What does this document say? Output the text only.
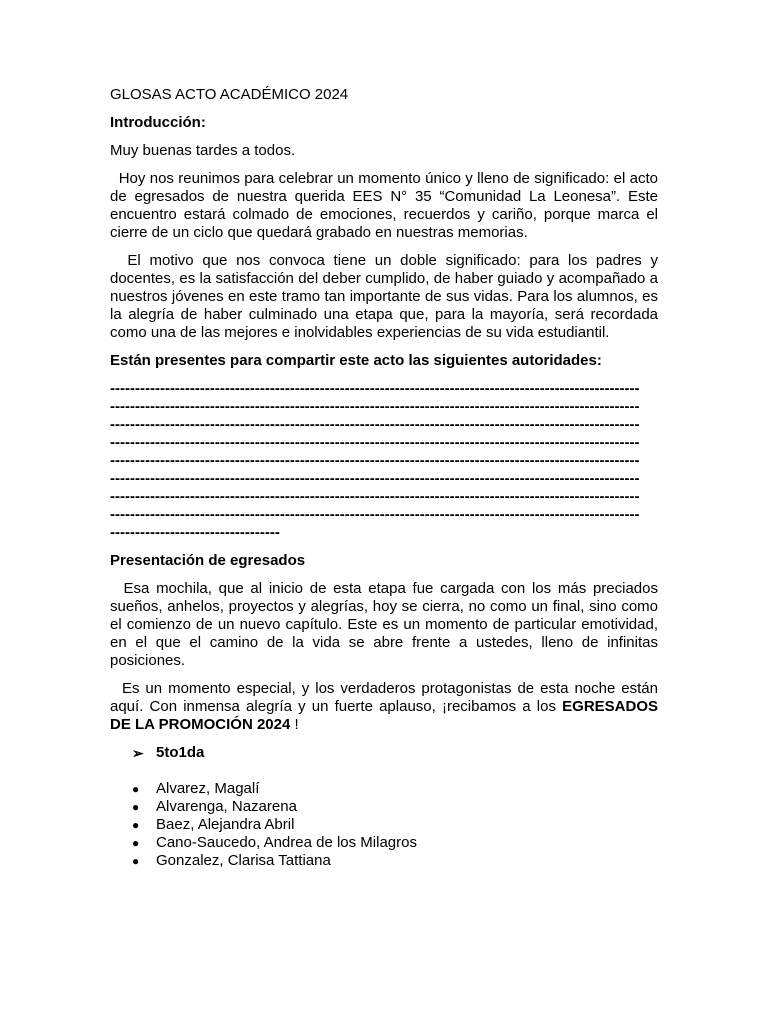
GLOSAS ACTO ACADÉMICO 2024

Introducción:

Muy buenas tardes a todos.

Hoy nos reunimos para celebrar un momento único y lleno de significado: el acto de egresados de nuestra querida EES N° 35 “Comunidad La Leonesa”. Este encuentro estará colmado de emociones, recuerdos y cariño, porque marca el cierre de un ciclo que quedará grabado en nuestras memorias.

El motivo que nos convoca tiene un doble significado: para los padres y docentes, es la satisfacción del deber cumplido, de haber guiado y acompañado a nuestros jóvenes en este tramo tan importante de sus vidas. Para los alumnos, es la alegría de haber culminado una etapa que, para la mayoría, será recordada como una de las mejores e inolvidables experiencias de su vida estudiantil.

Están presentes para compartir este acto las siguientes autoridades:

----------------------------------------------------------------------------------------------------------
----------------------------------------------------------------------------------------------------------
----------------------------------------------------------------------------------------------------------
----------------------------------------------------------------------------------------------------------
----------------------------------------------------------------------------------------------------------
----------------------------------------------------------------------------------------------------------
----------------------------------------------------------------------------------------------------------
----------------------------------------------------------------------------------------------------------
----------------------------------

Presentación de egresados

Esa mochila, que al inicio de esta etapa fue cargada con los más preciados sueños, anhelos, proyectos y alegrías, hoy se cierra, no como un final, sino como el comienzo de un nuevo capítulo. Este es un momento de particular emotividad, en el que el camino de la vida se abre frente a ustedes, lleno de infinitas posiciones.

Es un momento especial, y los verdaderos protagonistas de esta noche están aquí. Con inmensa alegría y un fuerte aplauso, ¡recibamos a los EGRESADOS DE LA PROMOCIÓN 2024 !

➢ 5to1da
●	Alvarez, Magalí
●	Alvarenga, Nazarena
●	Baez, Alejandra Abril
●	Cano-Saucedo, Andrea de los Milagros
●	Gonzalez, Clarisa Tattiana
